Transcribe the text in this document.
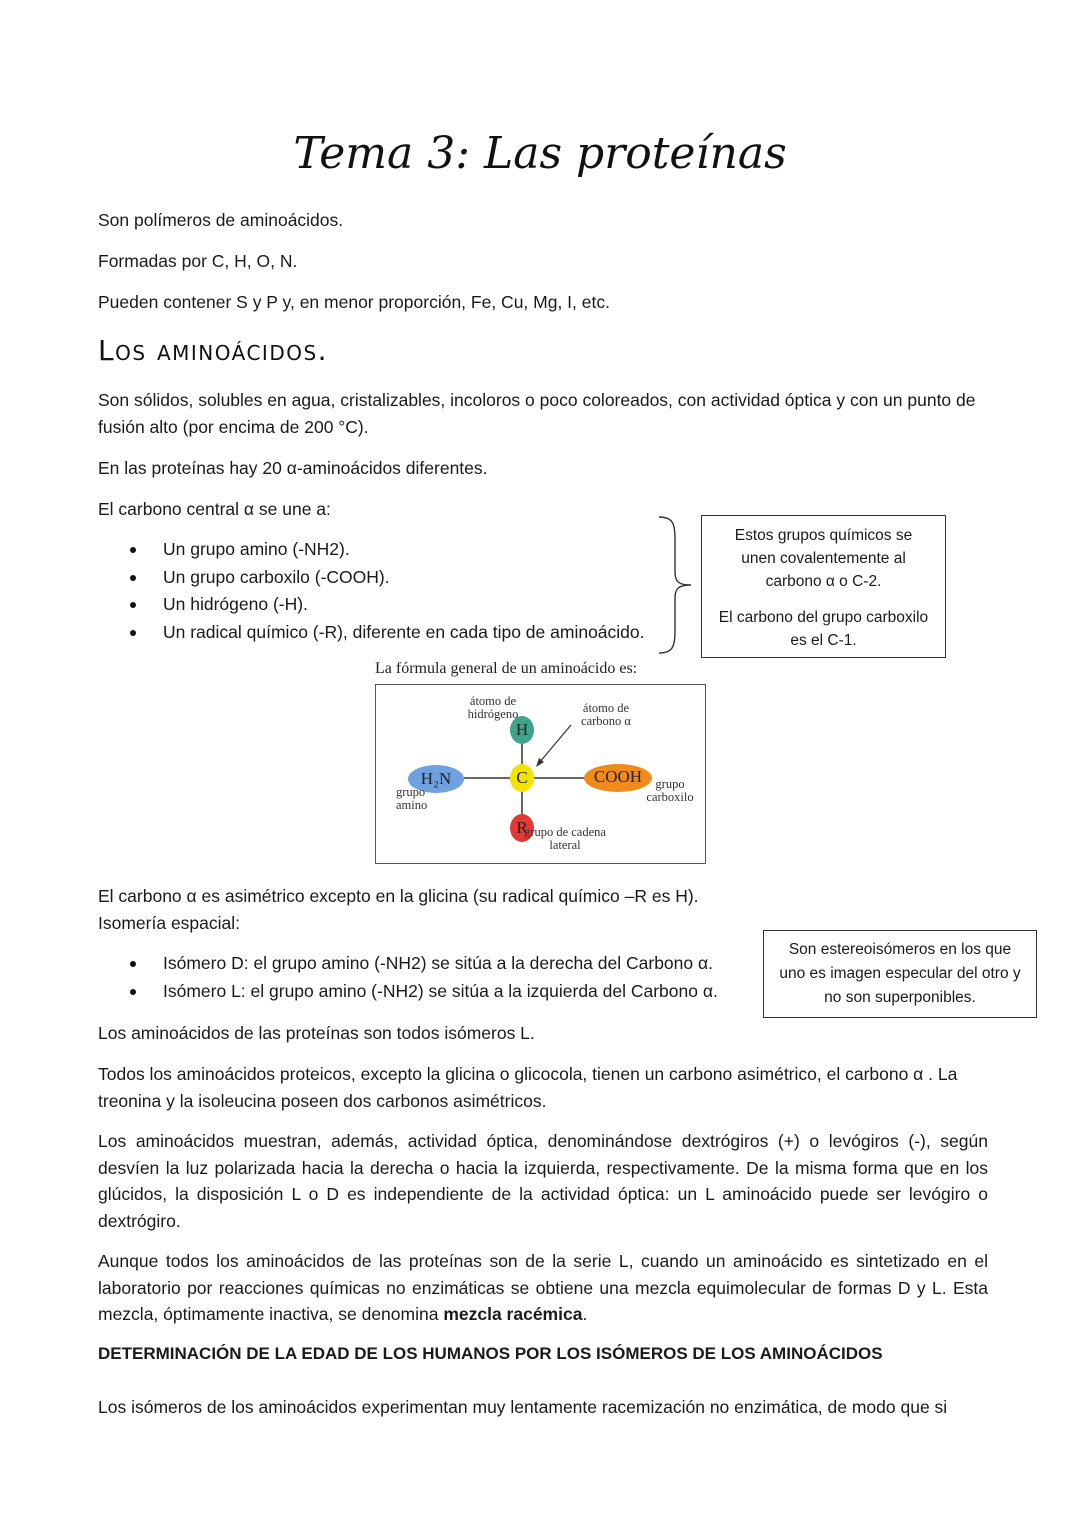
Tema 3: Las proteínas
Son polímeros de aminoácidos.
Formadas por C, H, O, N.
Pueden contener S y P y, en menor proporción, Fe, Cu, Mg, I, etc.
Los aminoácidos.
Son sólidos, solubles en agua, cristalizables, incoloros o poco coloreados, con actividad óptica y con un punto de fusión alto (por encima de 200 °C).
En las proteínas hay 20 α-aminoácidos diferentes.
El carbono central α se une a:
Un grupo amino (-NH2).
Un grupo carboxilo (-COOH).
Un hidrógeno (-H).
Un radical químico (-R), diferente en cada tipo de aminoácido.
Estos grupos químicos se unen covalentemente al carbono α o C-2.
El carbono del grupo carboxilo es el C-1.
La fórmula general de un aminoácido es:
H
C
H₂N	COOH
R
átomo de hidrógeno	átomo de carbono α
grupo amino
grupo carboxilo
grupo de cadena lateral
El carbono α es asimétrico excepto en la glicina (su radical químico –R es H).
Isomería espacial:
Isómero D: el grupo amino (-NH2) se sitúa a la derecha del Carbono α.
Isómero L: el grupo amino (-NH2) se sitúa a la izquierda del Carbono α.
Son estereoisómeros en los que uno es imagen especular del otro y no son superponibles.
Los aminoácidos de las proteínas son todos isómeros L.
Todos los aminoácidos proteicos, excepto la glicina o glicocola, tienen un carbono asimétrico, el carbono α . La treonina y la isoleucina poseen dos carbonos asimétricos.
Los aminoácidos muestran, además, actividad óptica, denominándose dextrógiros (+) o levógiros (-), según desvíen la luz polarizada hacia la derecha o hacia la izquierda, respectivamente. De la misma forma que en los glúcidos, la disposición L o D es independiente de la actividad óptica: un L aminoácido puede ser levógiro o dextrógiro.
Aunque todos los aminoácidos de las proteínas son de la serie L, cuando un aminoácido es sintetizado en el laboratorio por reacciones químicas no enzimáticas se obtiene una mezcla equimolecular de formas D y L. Esta mezcla, óptimamente inactiva, se denomina mezcla racémica.
DETERMINACIÓN DE LA EDAD DE LOS HUMANOS POR LOS ISÓMEROS DE LOS AMINOÁCIDOS
Los isómeros de los aminoácidos experimentan muy lentamente racemización no enzimática, de modo que si
